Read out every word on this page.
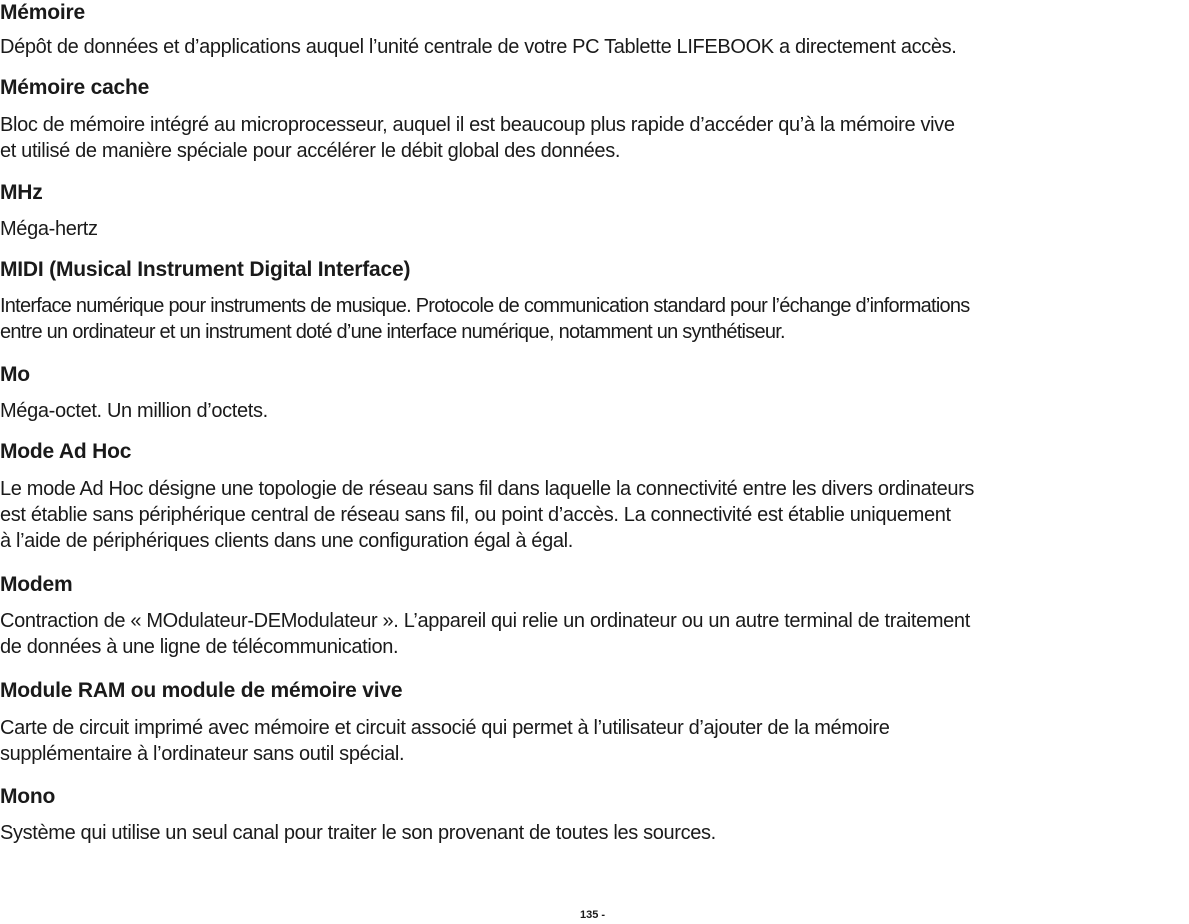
Mémoire

Dépôt de données et d’applications auquel l’unité centrale de votre PC Tablette LIFEBOOK a directement accès.

Mémoire cache

Bloc de mémoire intégré au microprocesseur, auquel il est beaucoup plus rapide d’accéder qu’à la mémoire vive
et utilisé de manière spéciale pour accélérer le débit global des données.

MHz

Méga-hertz

MIDI (Musical Instrument Digital Interface)

Interface numérique pour instruments de musique. Protocole de communication standard pour l’échange d’informations
entre un ordinateur et un instrument doté d’une interface numérique, notamment un synthétiseur.

Mo

Méga-octet. Un million d’octets.

Mode Ad Hoc

Le mode Ad Hoc désigne une topologie de réseau sans fil dans laquelle la connectivité entre les divers ordinateurs
est établie sans périphérique central de réseau sans fil, ou point d’accès. La connectivité est établie uniquement
à l’aide de périphériques clients dans une configuration égal à égal.

Modem

Contraction de « MOdulateur-DEModulateur ». L’appareil qui relie un ordinateur ou un autre terminal de traitement
de données à une ligne de télécommunication.

Module RAM ou module de mémoire vive

Carte de circuit imprimé avec mémoire et circuit associé qui permet à l’utilisateur d’ajouter de la mémoire
supplémentaire à l’ordinateur sans outil spécial.

Mono

Système qui utilise un seul canal pour traiter le son provenant de toutes les sources.

135 -
